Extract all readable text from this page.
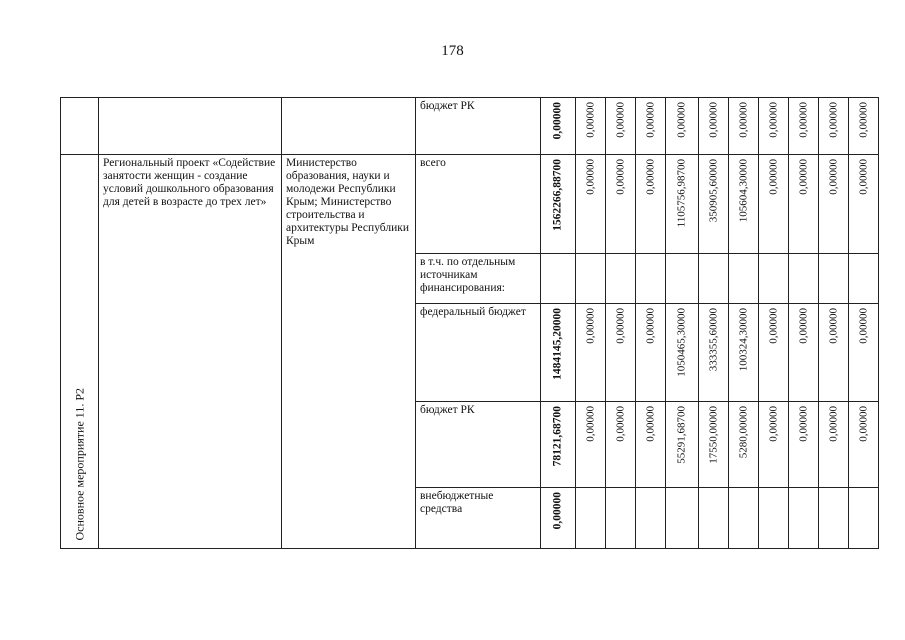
178
			бюджет РК	0,00000	0,00000	0,00000	0,00000	0,00000	0,00000	0,00000	0,00000	0,00000	0,00000	0,00000

Основное мероприятие 11. Р2	Региональный проект «Содействие занятости женщин - создание условий дошкольного образования для детей в возрасте до трех лет»	Министерство образования, науки и молодежи Республики Крым; Министерство строительства и архитектуры Республики Крым	всего	1562266,88700	0,00000	0,00000	0,00000	1105756,98700	350905,60000	105604,30000	0,00000	0,00000	0,00000	0,00000

			в т.ч. по отдельным источникам финансирования:	

			федеральный бюджет	1484145,20000	0,00000	0,00000	0,00000	1050465,30000	333355,60000	100324,30000	0,00000	0,00000	0,00000	0,00000

			бюджет РК	78121,68700	0,00000	0,00000	0,00000	55291,68700	17550,00000	5280,00000	0,00000	0,00000	0,00000	0,00000

			внебюджетные средства	0,00000										
